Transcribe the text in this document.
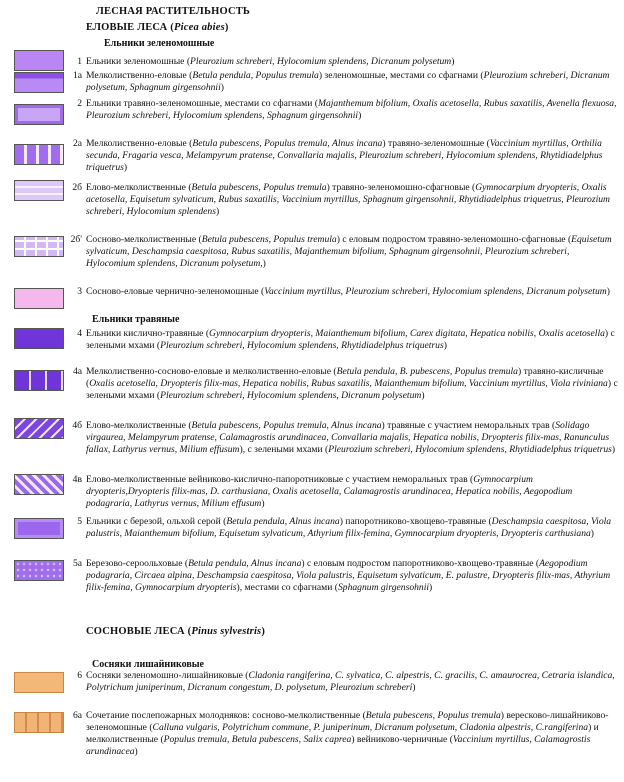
ЛЕСНАЯ РАСТИТЕЛЬНОСТЬ
ЕЛОВЫЕ ЛЕСА (Picea abies)
Ельники зеленомошные
Ельники травяные
СОСНОВЫЕ ЛЕСА (Pinus sylvestris)
Сосняки лишайниковые
1 Ельники зеленомошные (Pleurozium schreberi, Hylocomium splendens, Dicranum polysetum)
1а Мелколиственно-еловые (Betula pendula, Populus tremula) зеленомошные, местами со сфагнами (Pleurozium schreberi, Dicranum polysetum, Sphagnum girgensohnii)
2 Ельники травяно-зеленомошные, местами со сфагнами (Majanthemum bifolium, Oxalis acetosella, Rubus saxatilis, Avenella flexuosa, Pleurozium schreberi, Hylocomium splendens, Sphagnum girgensohnii)
2а Мелколиственно-еловые (Betula pubescens, Populus tremula, Alnus incana) травяно-зеленомошные (Vaccinium myrtillus, Orthilia secunda, Fragaria vesca, Melampyrum pratense, Convallaria majalis, Pleurozium schreberi, Hylocomium splendens, Rhytidiadelphus triquetrus)
2б Елово-мелколиственные (Betula pubescens, Populus tremula) травяно-зеленомошно-сфагновые (Gymnocarpium dryopteris, Oxalis acetosella, Equisetum sylvaticum, Rubus saxatilis, Vaccinium myrtillus, Sphagnum girgensohnii, Rhytidiadelphus triquetrus, Pleurozium schreberi, Hylocomium splendens)
2б' Сосново-мелколиственные (Betula pubescens, Populus tremula) с еловым подростом травяно-зеленомошно-сфагновые (Equisetum sylvaticum, Deschampsia caespitosa, Rubus saxatilis, Majanthemum bifolium, Sphagnum girgensohnii, Pleurozium schreberi, Hylocomium splendens, Dicranum polysetum,)
3 Сосново-еловые чернично-зеленомошные (Vaccinium myrtillus, Pleurozium schreberi, Hylocomium splendens, Dicranum polysetum)
4 Ельники кислично-травяные (Gymnocarpium dryopteris, Maianthemum bifolium, Carex digitata, Hepatica nobilis, Oxalis acetosella) с зелеными мхами (Pleurozium schreberi, Hylocomium splendens, Rhytidiadelphus triquetrus)
4а Мелколиственно-сосново-еловые и мелколиственно-еловые (Betula pendula, B. pubescens, Populus tremula) травяно-кисличные (Oxalis acetosella, Dryopteris filix-mas, Hepatica nobilis, Rubus saxatilis, Maianthemum bifolium, Vaccinium myrtillus, Viola riviniana) с зелеными мхами (Pleurozium schreberi, Hylocomium splendens, Dicranum polysetum)
4б Елово-мелколиственные (Betula pubescens, Populus tremula, Alnus incana) травяные с участием неморальных трав (Solidago virgaurea, Melampyrum pratense, Calamagrostis arundinacea, Convallaria majalis, Hepatica nobilis, Dryopteris filix-mas, Ranunculus fallax, Lathyrus vernus, Milium effusum), с зелеными мхами (Pleurozium schreberi, Hylocomium splendens, Rhytidiadelphus triquetrus)
4в Елово-мелколиственные вейниково-кислично-папоротниковые с участием неморальных трав (Gymnocarpium dryopteris,Dryopteris filix-mas, D. carthusiana, Oxalis acetosella, Calamagrostis arundinacea, Hepatica nobilis, Aegopodium podagraria, Lathyrus vernus, Milium effusum)
5 Ельники с березой, ольхой серой (Betula pendula, Alnus incana) папоротниково-хвощево-травяные (Deschampsia caespitosa, Viola palustris, Maianthemum bifolium, Equisetum sylvaticum, Athyrium filix-femina, Gymnocarpium dryopteris, Dryopteris carthusiana)
5а Березово-сероольховые (Betula pendula, Alnus incana) с еловым подростом папоротниково-хвощево-травяные (Aegopodium podagraria, Circaea alpina, Deschampsia caespitosa, Viola palustris, Equisetum sylvaticum, E. palustre, Dryopteris filix-mas, Athyrium filix-femina, Gymnocarpium dryopteris), местами со сфагнами (Sphagnum girgensohnii)
6 Сосняки зеленомошно-лишайниковые (Cladonia rangiferina, C. sylvatica, C. alpestris, C. gracilis, C. amaurocrea, Cetraria islandica, Polytrichum juniperinum, Dicranum congestum, D. polysetum, Pleurozium schreberi)
6а Сочетание послепожарных молодняков: сосново-мелколиственные (Betula pubescens, Populus tremula) вересково-лишайниково-зеленомошные (Calluna vulgaris, Polytrichum commune, P. juniperinum, Dicranum polysetum, Cladonia alpestris, C.rangiferina) и мелколиственные (Populus tremula, Betula pubescens, Salix caprea) вейниково-черничные (Vaccinium myrtillus, Calamagrostis arundinacea)
